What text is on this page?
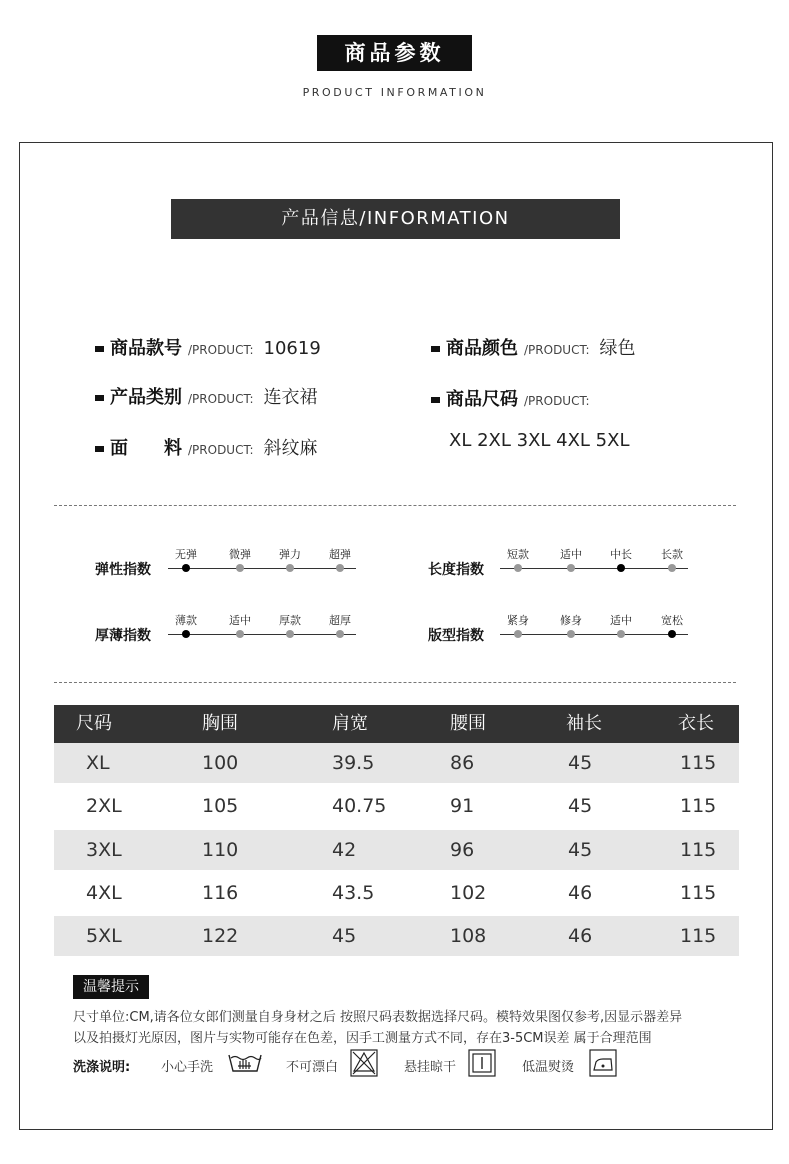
商品参数
PRODUCT INFORMATION
产品信息/INFORMATION
商品款号 /PRODUCT: 10619	商品颜色 /PRODUCT: 绿色
产品类别 /PRODUCT: 连衣裙	商品尺码 /PRODUCT:
面　　料 /PRODUCT: 斜纹麻	XL 2XL 3XL 4XL 5XL
弹性指数
无弹	微弹	弹力	超弹
长度指数
短款	适中	中长	长款
厚薄指数
薄款	适中	厚款	超厚
版型指数
紧身	修身	适中	宽松
尺码	胸围	肩宽	腰围	袖长	衣长
XL	100	39.5	86	45	115
2XL	105	40.75	91	45	115
3XL	110	42	96	45	115
4XL	116	43.5	102	46	115
5XL	122	45	108	46	115
温馨提示
尺寸单位:CM,请各位女郎们测量自身身材之后 按照尺码表数据选择尺码。模特效果图仅参考,因显示器差异
以及拍摄灯光原因，图片与实物可能存在色差，因手工测量方式不同，存在3-5CM误差 属于合理范围
洗涤说明: 小心手洗	不可漂白	悬挂晾干	低温熨烫
